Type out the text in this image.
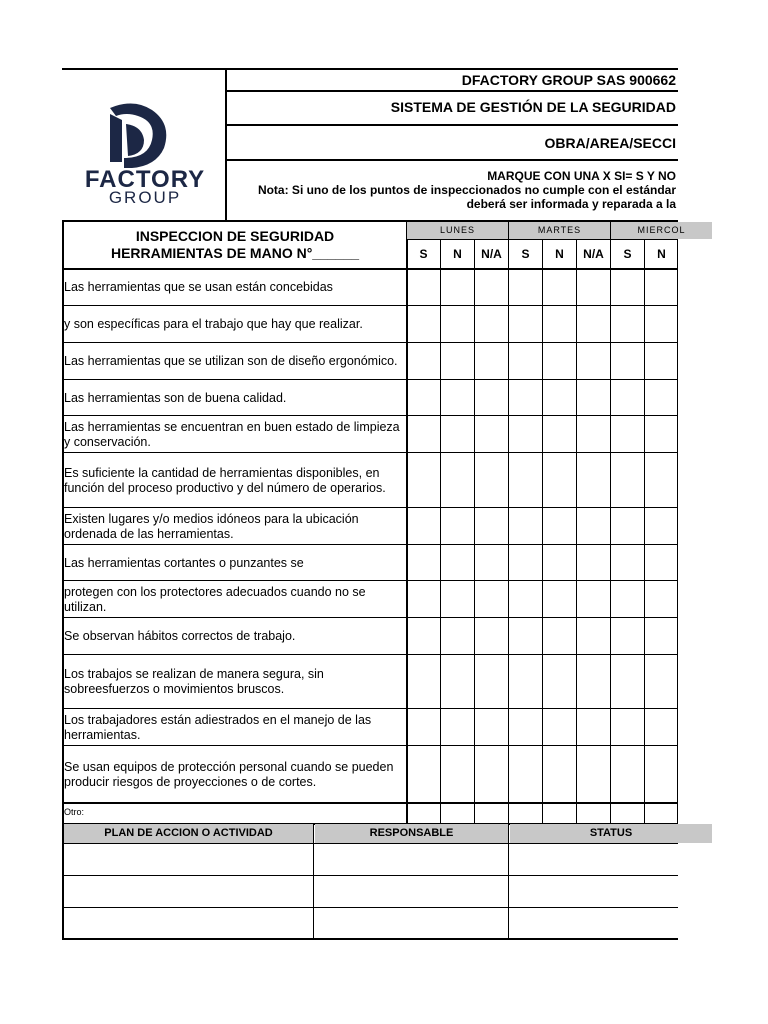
DFACTORY GROUP SAS 900662
SISTEMA DE GESTIÓN DE LA SEGURIDAD
OBRA/AREA/SECCI
MARQUE CON UNA X SI= S Y NO
Nota: Si uno de los puntos de inspeccionados no cumple con el estándar
deberá ser informada y reparada a la
FACTORY
GROUP
INSPECCION DE SEGURIDAD
HERRAMIENTAS DE MANO N°______
LUNES	MARTES	MIERCOL
S	N	N/A	S	N	N/A	S	N
Las herramientas que se usan están concebidas
y son específicas para el trabajo que hay que realizar.
Las herramientas que se utilizan son de diseño ergonómico.
Las herramientas son de buena calidad.
Las herramientas se encuentran en buen estado de limpieza y conservación.
Es suficiente la cantidad de herramientas disponibles, en función del proceso productivo y del número de operarios.
Existen lugares y/o medios idóneos para la ubicación ordenada de las herramientas.
Las herramientas cortantes o punzantes se
protegen con los protectores adecuados cuando no se utilizan.
Se observan hábitos correctos de trabajo.
Los trabajos se realizan de manera segura, sin sobreesfuerzos o movimientos bruscos.
Los trabajadores están adiestrados en el manejo de las herramientas.
Se usan equipos de protección personal cuando se pueden producir riesgos de proyecciones o de cortes.
Otro:
PLAN DE ACCION O ACTIVIDAD	RESPONSABLE	STATUS
